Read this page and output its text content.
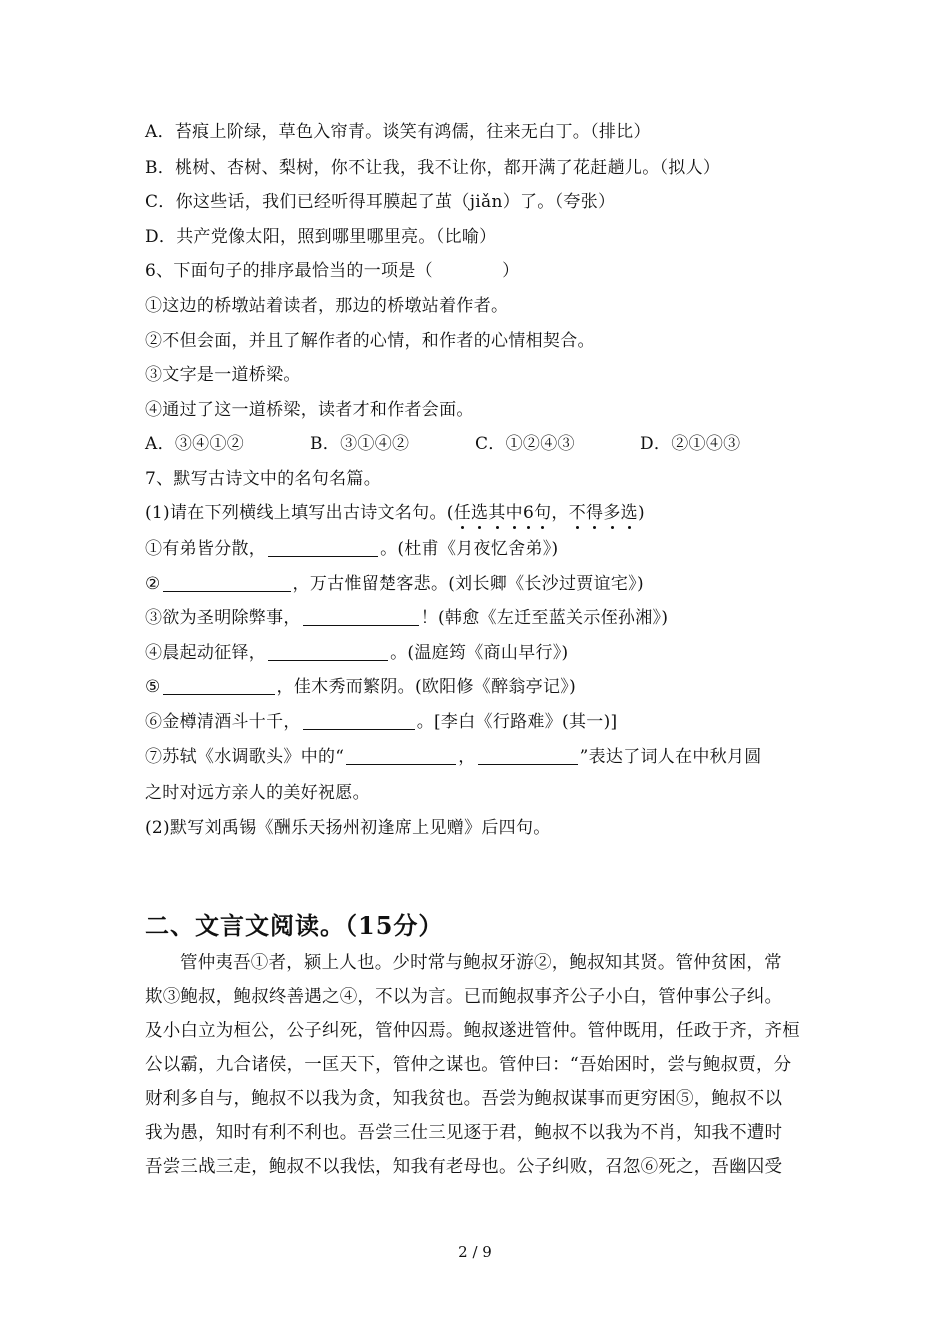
A．苔痕上阶绿，草色入帘青。谈笑有鸿儒，往来无白丁。（排比）
B．桃树、杏树、梨树，你不让我，我不让你，都开满了花赶趟儿。（拟人）
C．你这些话，我们已经听得耳膜起了茧（jiǎn）了。（夸张）
D．共产党像太阳，照到哪里哪里亮。（比喻）
6、下面句子的排序最恰当的一项是（　　　　）
①这边的桥墩站着读者，那边的桥墩站着作者。
②不但会面，并且了解作者的心情，和作者的心情相契合。
③文字是一道桥梁。
④通过了这一道桥梁，读者才和作者会面。
A．③④①②	B．③①④②	C．①②④③	D．②①④③
7、默写古诗文中的名句名篇。
(1)请在下列横线上填写出古诗文名句。(任选其中6句，不得多选)
①有弟皆分散，	。(杜甫《月夜忆舍弟》)
②	，万古惟留楚客悲。(刘长卿《长沙过贾谊宅》)
③欲为圣明除弊事，	！(韩愈《左迁至蓝关示侄孙湘》)
④晨起动征铎，	。(温庭筠《商山早行》)
⑤	，佳木秀而繁阴。(欧阳修《醉翁亭记》)
⑥金樽清酒斗十千，	。[李白《行路难》(其一)]
⑦苏轼《水调歌头》中的“	，	”表达了词人在中秋月圆
之时对远方亲人的美好祝愿。
(2)默写刘禹锡《酬乐天扬州初逢席上见赠》后四句。
二、文言文阅读。（15分）
管仲夷吾①者，颍上人也。少时常与鲍叔牙游②，鲍叔知其贤。管仲贫困，常
欺③鲍叔，鲍叔终善遇之④，不以为言。已而鲍叔事齐公子小白，管仲事公子纠。
及小白立为桓公，公子纠死，管仲囚焉。鲍叔遂进管仲。管仲既用，任政于齐，齐桓
公以霸，九合诸侯，一匡天下，管仲之谋也。管仲曰：“吾始困时，尝与鲍叔贾，分
财利多自与，鲍叔不以我为贪，知我贫也。吾尝为鲍叔谋事而更穷困⑤，鲍叔不以
我为愚，知时有利不利也。吾尝三仕三见逐于君，鲍叔不以我为不肖，知我不遭时
吾尝三战三走，鲍叔不以我怯，知我有老母也。公子纠败，召忽⑥死之，吾幽囚受
2 / 9
